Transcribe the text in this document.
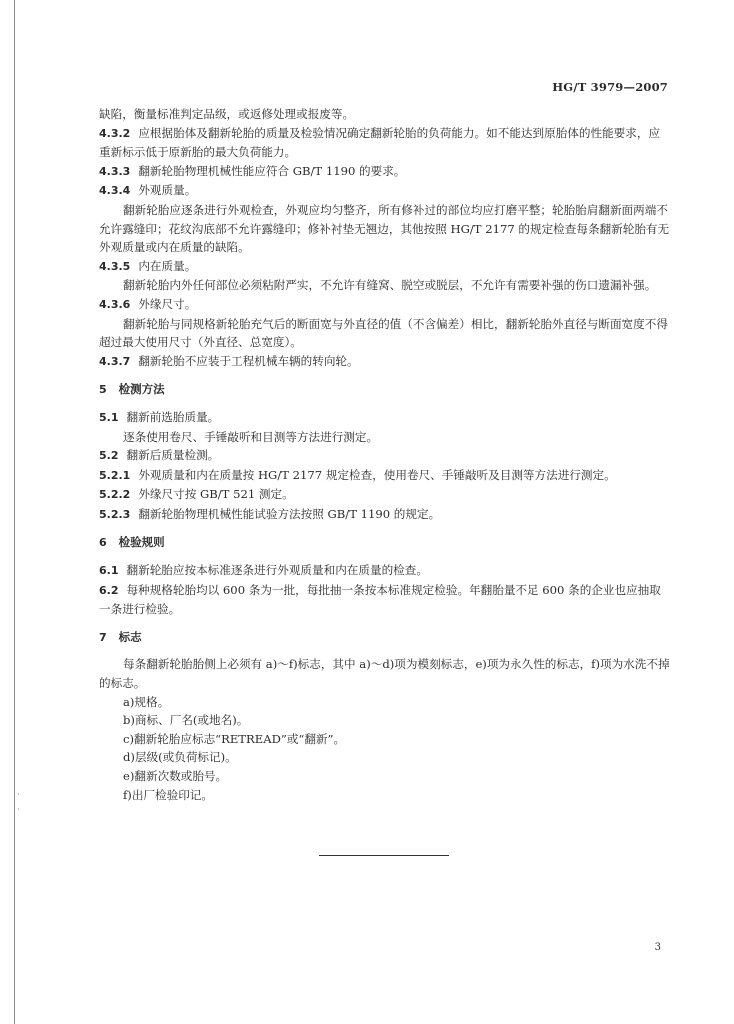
HG/T 3979—2007

缺陷，衡量标准判定品级，或返修处理或报废等。

4.3.2 应根据胎体及翻新轮胎的质量及检验情况确定翻新轮胎的负荷能力。如不能达到原胎体的性能要求，应重新标示低于原新胎的最大负荷能力。

4.3.3 翻新轮胎物理机械性能应符合 GB/T 1190 的要求。

4.3.4 外观质量。

翻新轮胎应逐条进行外观检查，外观应均匀整齐，所有修补过的部位均应打磨平整；轮胎胎肩翻新面两端不允许露缝印；花纹沟底部不允许露缝印；修补衬垫无翘边，其他按照 HG/T 2177 的规定检查每条翻新轮胎有无外观质量或内在质量的缺陷。

4.3.5 内在质量。

翻新轮胎内外任何部位必须粘附严实，不允许有缝窝、脱空或脱层，不允许有需要补强的伤口遗漏补强。

4.3.6 外缘尺寸。

翻新轮胎与同规格新轮胎充气后的断面宽与外直径的值（不含偏差）相比，翻新轮胎外直径与断面宽度不得超过最大使用尺寸（外直径、总宽度）。

4.3.7 翻新轮胎不应装于工程机械车辆的转向轮。

5 检测方法

5.1 翻新前选胎质量。

逐条使用卷尺、手锤敲听和目测等方法进行测定。

5.2 翻新后质量检测。

5.2.1 外观质量和内在质量按 HG/T 2177 规定检查，使用卷尺、手锤敲听及目测等方法进行测定。

5.2.2 外缘尺寸按 GB/T 521 测定。

5.2.3 翻新轮胎物理机械性能试验方法按照 GB/T 1190 的规定。

6 检验规则

6.1 翻新轮胎应按本标准逐条进行外观质量和内在质量的检查。

6.2 每种规格轮胎均以 600 条为一批，每批抽一条按本标准规定检验。年翻胎量不足 600 条的企业也应抽取一条进行检验。

7 标志

每条翻新轮胎胎侧上必须有 a)～f)标志，其中 a)～d)项为模刻标志，e)项为永久性的标志，f)项为水洗不掉的标志。

a)规格。

b)商标、厂名(或地名)。

c)翻新轮胎应标志“RETREAD”或“翻新”。

d)层级(或负荷标记)。

e)翻新次数或胎号。

f)出厂检验印记。

3
·
·
